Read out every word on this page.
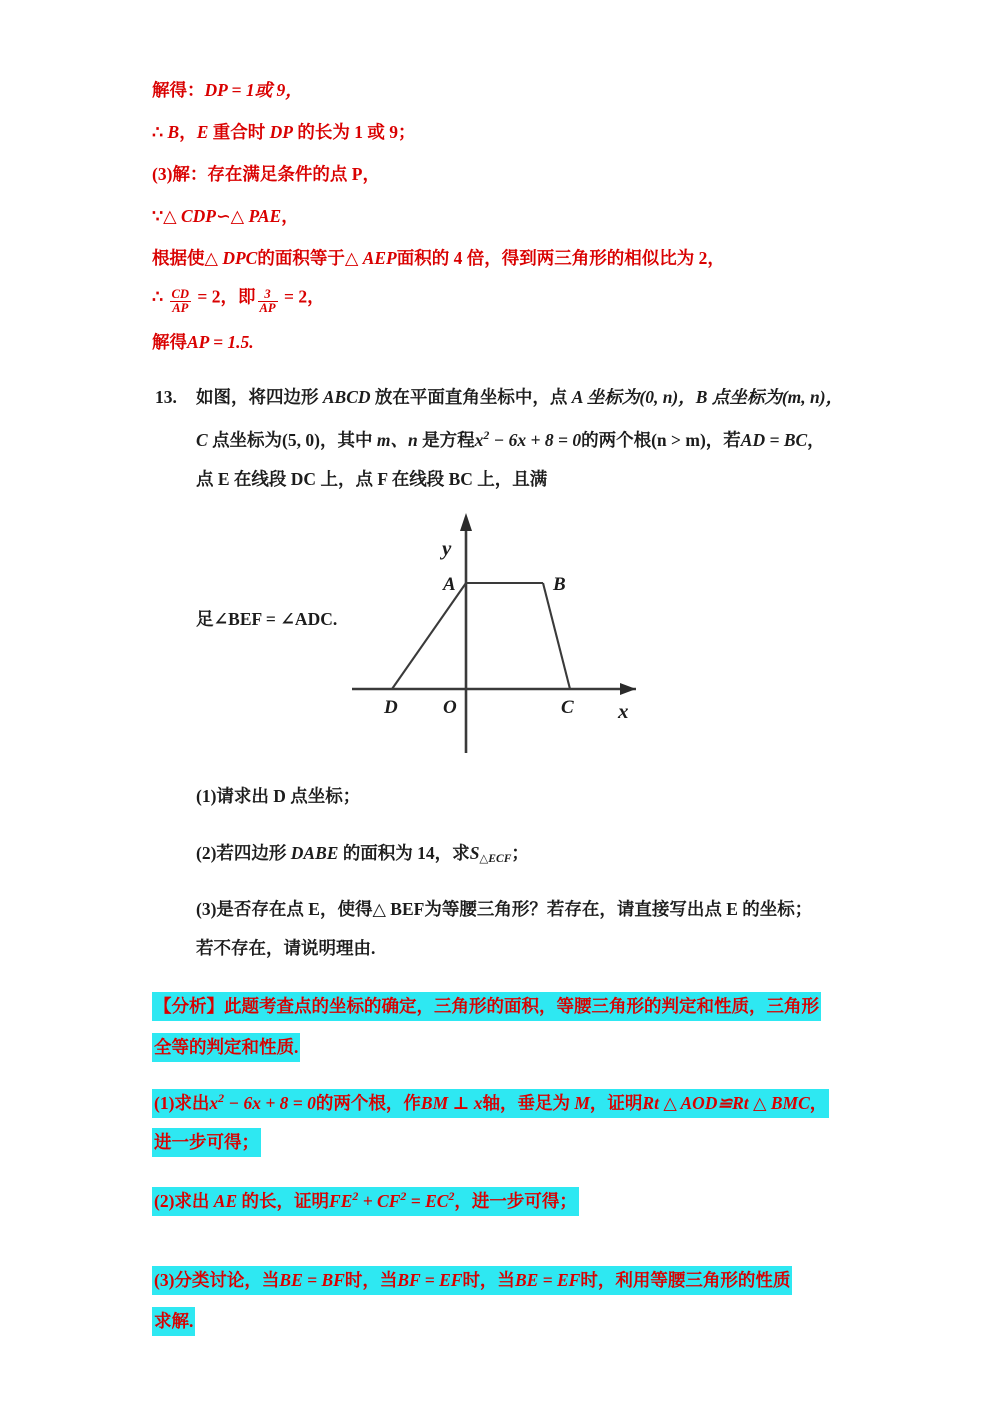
解得：DP = 1或 9，
∴ B，E 重合时 DP 的长为 1 或 9；
(3)解：存在满足条件的点 P，
∵△ CDP∽△ PAE，
根据使△ DPC的面积等于△ AEP面积的 4 倍，得到两三角形的相似比为 2，
∴ $\frac{CD}{AP} = 2$，即 $\frac{3}{AP} = 2$，
解得AP = 1.5.
13. 如图，将四边形 ABCD 放在平面直角坐标中，点 A 坐标为(0, n)，B 点坐标为(m, n)，
C 点坐标为(5, 0)，其中 m、n 是方程$x^2 - 6x + 8 = 0$的两个根(n > m)，若AD = BC，
点 E 在线段 DC 上，点 F 在线段 BC 上，且满
足∠BEF = ∠ADC.
A	B
C
D O
y
x
(1)请求出 D 点坐标；
(2)若四边形 DABE 的面积为 14，求$S_{\triangle ECF}$；
(3)是否存在点 E，使得△ BEF为等腰三角形？若存在，请直接写出点 E 的坐标；
若不存在，请说明理由.
【分析】此题考查点的坐标的确定，三角形的面积，等腰三角形的判定和性质，三角形
全等的判定和性质.
(1)求出$x^2 - 6x + 8 = 0$的两个根，作BM ⊥ x轴，垂足为 M，证明Rt △ AOD≌Rt △ BMC，
进一步可得；
(2)求出 AE 的长，证明$FE^2 + CF^2 = EC^2$，进一步可得；
(3)分类讨论，当BE = BF时，当BF = EF时，当BE = EF时，利用等腰三角形的性质
求解.
